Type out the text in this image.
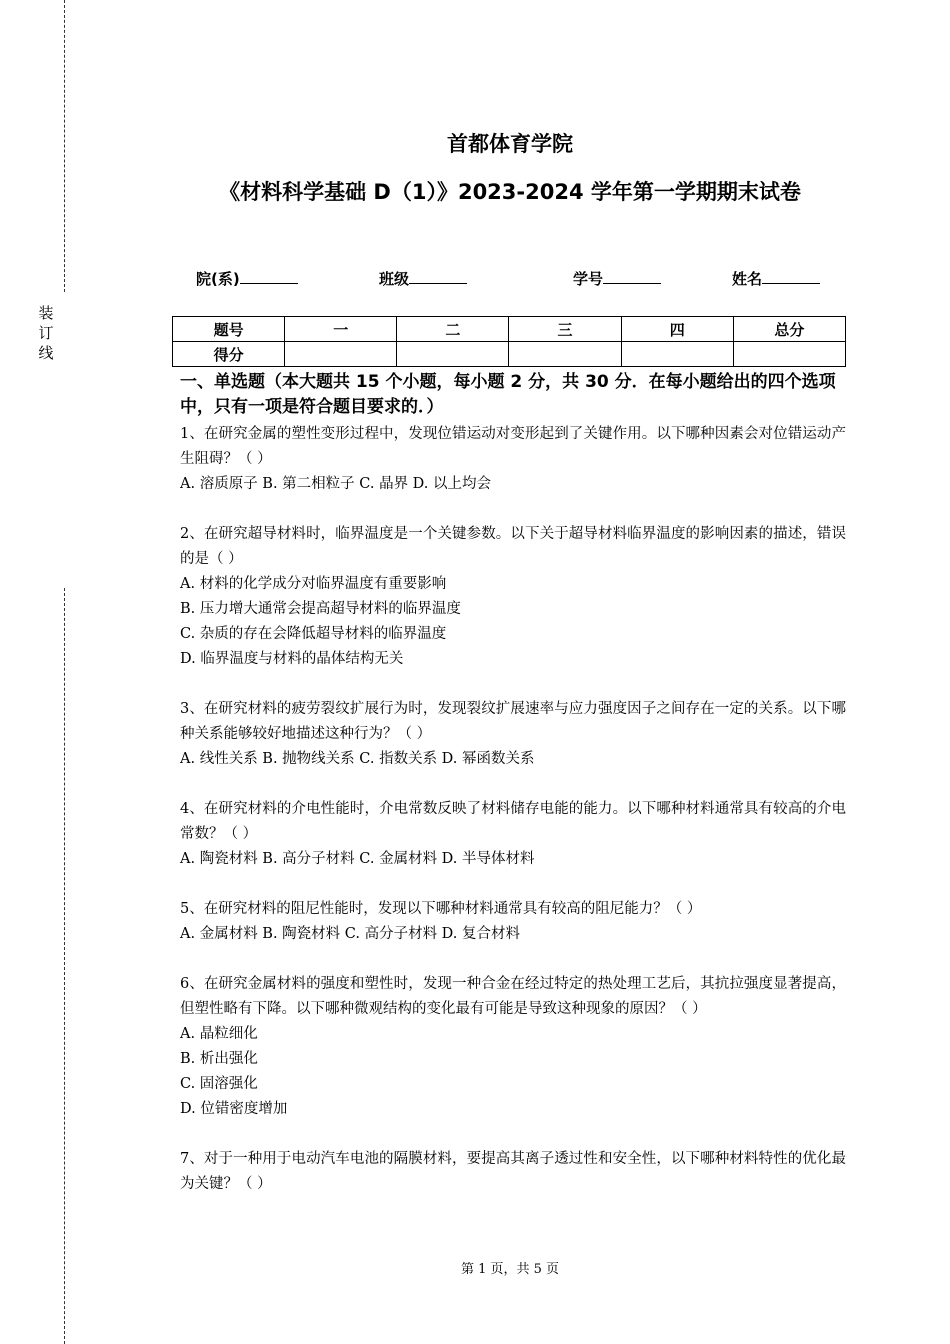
装
订
线
首都体育学院
《材料科学基础 D（1）》2023-2024 学年第一学期期末试卷
院(系)	班级	学号	姓名
题号	一	二	三	四	总分
得分					
一、单选题（本大题共 15 个小题，每小题 2 分，共 30 分．在每小题给出的四个选项中，只有一项是符合题目要求的．）
1、在研究金属的塑性变形过程中，发现位错运动对变形起到了关键作用。以下哪种因素会对位错运动产生阻碍？（ ）
A. 溶质原子 B. 第二相粒子 C. 晶界 D. 以上均会
2、在研究超导材料时，临界温度是一个关键参数。以下关于超导材料临界温度的影响因素的描述，错误的是（ ）
A. 材料的化学成分对临界温度有重要影响
B. 压力增大通常会提高超导材料的临界温度
C. 杂质的存在会降低超导材料的临界温度
D. 临界温度与材料的晶体结构无关
3、在研究材料的疲劳裂纹扩展行为时，发现裂纹扩展速率与应力强度因子之间存在一定的关系。以下哪种关系能够较好地描述这种行为？（ ）
A. 线性关系 B. 抛物线关系 C. 指数关系 D. 幂函数关系
4、在研究材料的介电性能时，介电常数反映了材料储存电能的能力。以下哪种材料通常具有较高的介电常数？（ ）
A. 陶瓷材料 B. 高分子材料 C. 金属材料 D. 半导体材料
5、在研究材料的阻尼性能时，发现以下哪种材料通常具有较高的阻尼能力？（ ）
A. 金属材料 B. 陶瓷材料 C. 高分子材料 D. 复合材料
6、在研究金属材料的强度和塑性时，发现一种合金在经过特定的热处理工艺后，其抗拉强度显著提高，但塑性略有下降。以下哪种微观结构的变化最有可能是导致这种现象的原因？（ ）
A. 晶粒细化
B. 析出强化
C. 固溶强化
D. 位错密度增加
7、对于一种用于电动汽车电池的隔膜材料，要提高其离子透过性和安全性，以下哪种材料特性的优化最为关键？（ ）
第 1 页，共 5 页
